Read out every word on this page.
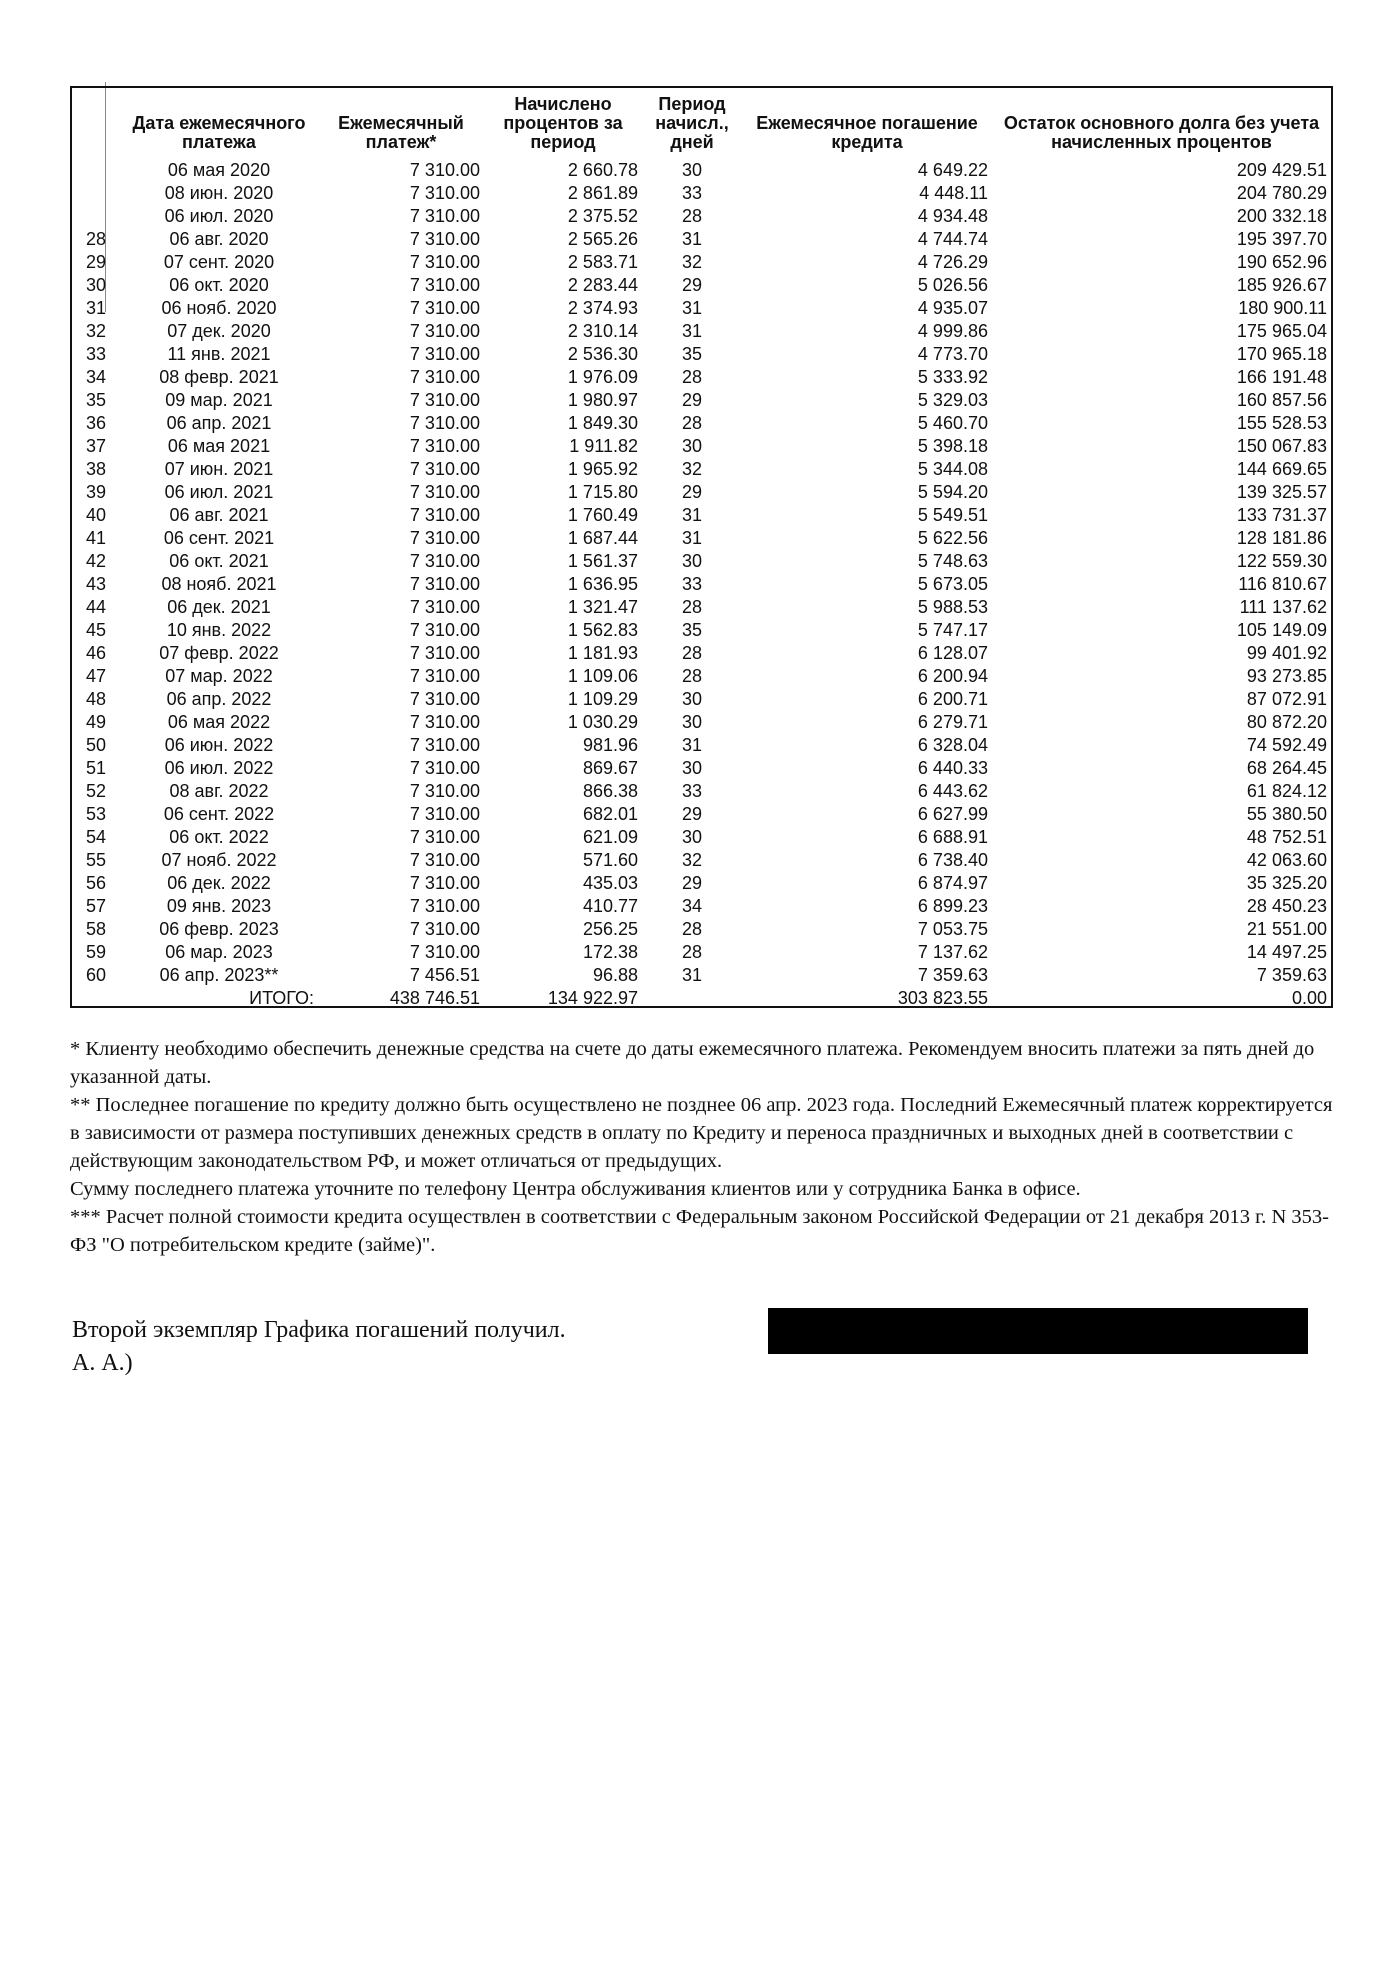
	Дата ежемесячного платежа	Ежемесячный платеж*	Начислено процентов за период	Период начисл., дней	Ежемесячное погашение кредита	Остаток основного долга без учета начисленных процентов
	06 мая 2020	7 310.00	2 660.78	30	4 649.22	209 429.51
	08 июн. 2020	7 310.00	2 861.89	33	4 448.11	204 780.29
	06 июл. 2020	7 310.00	2 375.52	28	4 934.48	200 332.18
28	06 авг. 2020	7 310.00	2 565.26	31	4 744.74	195 397.70
29	07 сент. 2020	7 310.00	2 583.71	32	4 726.29	190 652.96
30	06 окт. 2020	7 310.00	2 283.44	29	5 026.56	185 926.67
31	06 нояб. 2020	7 310.00	2 374.93	31	4 935.07	180 900.11
32	07 дек. 2020	7 310.00	2 310.14	31	4 999.86	175 965.04
33	11 янв. 2021	7 310.00	2 536.30	35	4 773.70	170 965.18
34	08 февр. 2021	7 310.00	1 976.09	28	5 333.92	166 191.48
35	09 мар. 2021	7 310.00	1 980.97	29	5 329.03	160 857.56
36	06 апр. 2021	7 310.00	1 849.30	28	5 460.70	155 528.53
37	06 мая 2021	7 310.00	1 911.82	30	5 398.18	150 067.83
38	07 июн. 2021	7 310.00	1 965.92	32	5 344.08	144 669.65
39	06 июл. 2021	7 310.00	1 715.80	29	5 594.20	139 325.57
40	06 авг. 2021	7 310.00	1 760.49	31	5 549.51	133 731.37
41	06 сент. 2021	7 310.00	1 687.44	31	5 622.56	128 181.86
42	06 окт. 2021	7 310.00	1 561.37	30	5 748.63	122 559.30
43	08 нояб. 2021	7 310.00	1 636.95	33	5 673.05	116 810.67
44	06 дек. 2021	7 310.00	1 321.47	28	5 988.53	111 137.62
45	10 янв. 2022	7 310.00	1 562.83	35	5 747.17	105 149.09
46	07 февр. 2022	7 310.00	1 181.93	28	6 128.07	99 401.92
47	07 мар. 2022	7 310.00	1 109.06	28	6 200.94	93 273.85
48	06 апр. 2022	7 310.00	1 109.29	30	6 200.71	87 072.91
49	06 мая 2022	7 310.00	1 030.29	30	6 279.71	80 872.20
50	06 июн. 2022	7 310.00	981.96	31	6 328.04	74 592.49
51	06 июл. 2022	7 310.00	869.67	30	6 440.33	68 264.45
52	08 авг. 2022	7 310.00	866.38	33	6 443.62	61 824.12
53	06 сент. 2022	7 310.00	682.01	29	6 627.99	55 380.50
54	06 окт. 2022	7 310.00	621.09	30	6 688.91	48 752.51
55	07 нояб. 2022	7 310.00	571.60	32	6 738.40	42 063.60
56	06 дек. 2022	7 310.00	435.03	29	6 874.97	35 325.20
57	09 янв. 2023	7 310.00	410.77	34	6 899.23	28 450.23
58	06 февр. 2023	7 310.00	256.25	28	7 053.75	21 551.00
59	06 мар. 2023	7 310.00	172.38	28	7 137.62	14 497.25
60	06 апр. 2023**	7 456.51	96.88	31	7 359.63	7 359.63
	ИТОГО:	438 746.51	134 922.97		303 823.55	0.00

* Клиенту необходимо обеспечить денежные средства на счете до даты ежемесячного платежа. Рекомендуем вносить платежи за пять дней до указанной даты.

** Последнее погашение по кредиту должно быть осуществлено не позднее 06 апр. 2023 года. Последний Ежемесячный платеж корректируется в зависимости от размера поступивших денежных средств в оплату по Кредиту и переноса праздничных и выходных дней в соответствии с действующим законодательством РФ, и может отличаться от предыдущих.

Сумму последнего платежа уточните по телефону Центра обслуживания клиентов или у сотрудника Банка в офисе.

*** Расчет полной стоимости кредита осуществлен в соответствии с Федеральным законом Российской Федерации от 21 декабря 2013 г. N 353-ФЗ "О потребительском кредите (займе)".

Второй экземпляр Графика погашений получил.

А. А.)
